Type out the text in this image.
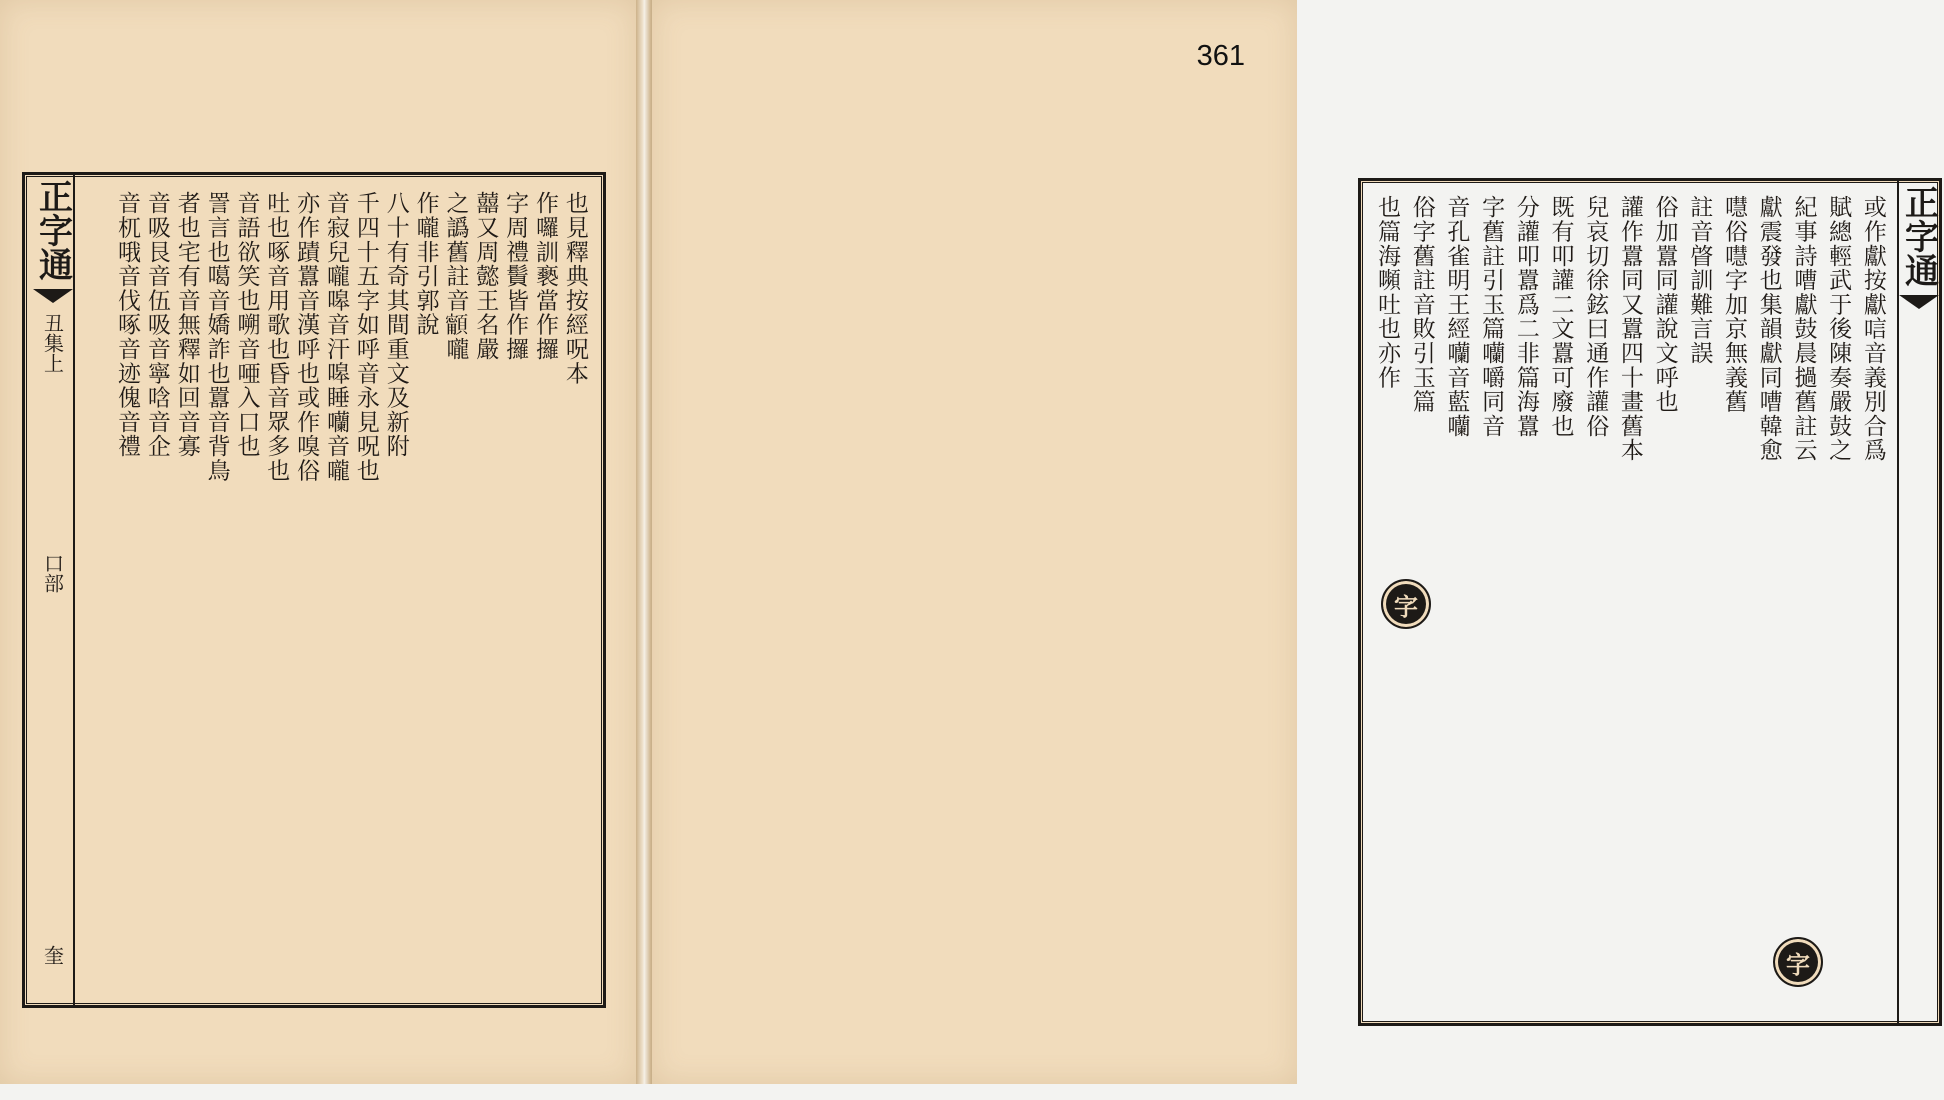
正字通
丑集上
口部
奎
也見釋典按經呪本
作囉訓褻當作攞
字周禮䰅皆作攞
囍又周懿王名嚴
之譌舊註音𩕋嚨
作嚨非引郭說
八十有奇其間重文及新附
千四十五字如呼音永見呪也
音寂兒嚨嗥音汗嗥睡囒音嚨
亦作蹟囂音漢呼也或作嗅俗
吐也啄音用歌也昏音眾多也
音語欲笑也嗍音唖入口也
詈言也噶音嬌詐也囂音背鳥
者也宅有音無釋如回音寡
音吸艮音伍吸音寧唅音企
音杌哦音伐啄音迹傀音禮
361
正字通
或作獻按獻唁音義別合爲
賦總輕武于後陳奏嚴鼓之
紀事詩嘈獻鼓晨撾舊註云
獻震發也集韻獻同嘈韓愈
嚖俗嚖字加京無義舊
註音䁈訓難言誤
俗加囂同讙說文呼也
讙作囂同又囂四十畫舊本
兒哀切徐鉉曰通作讙俗
既有叩讙二文囂可廢也
分讙叩囂爲二非篇海囂
字舊註引玉篇囒嚼同音
音孔雀明王經囒音藍囒
俗字舊註音敗引玉篇
也篇海嚬吐也亦作
字
字
